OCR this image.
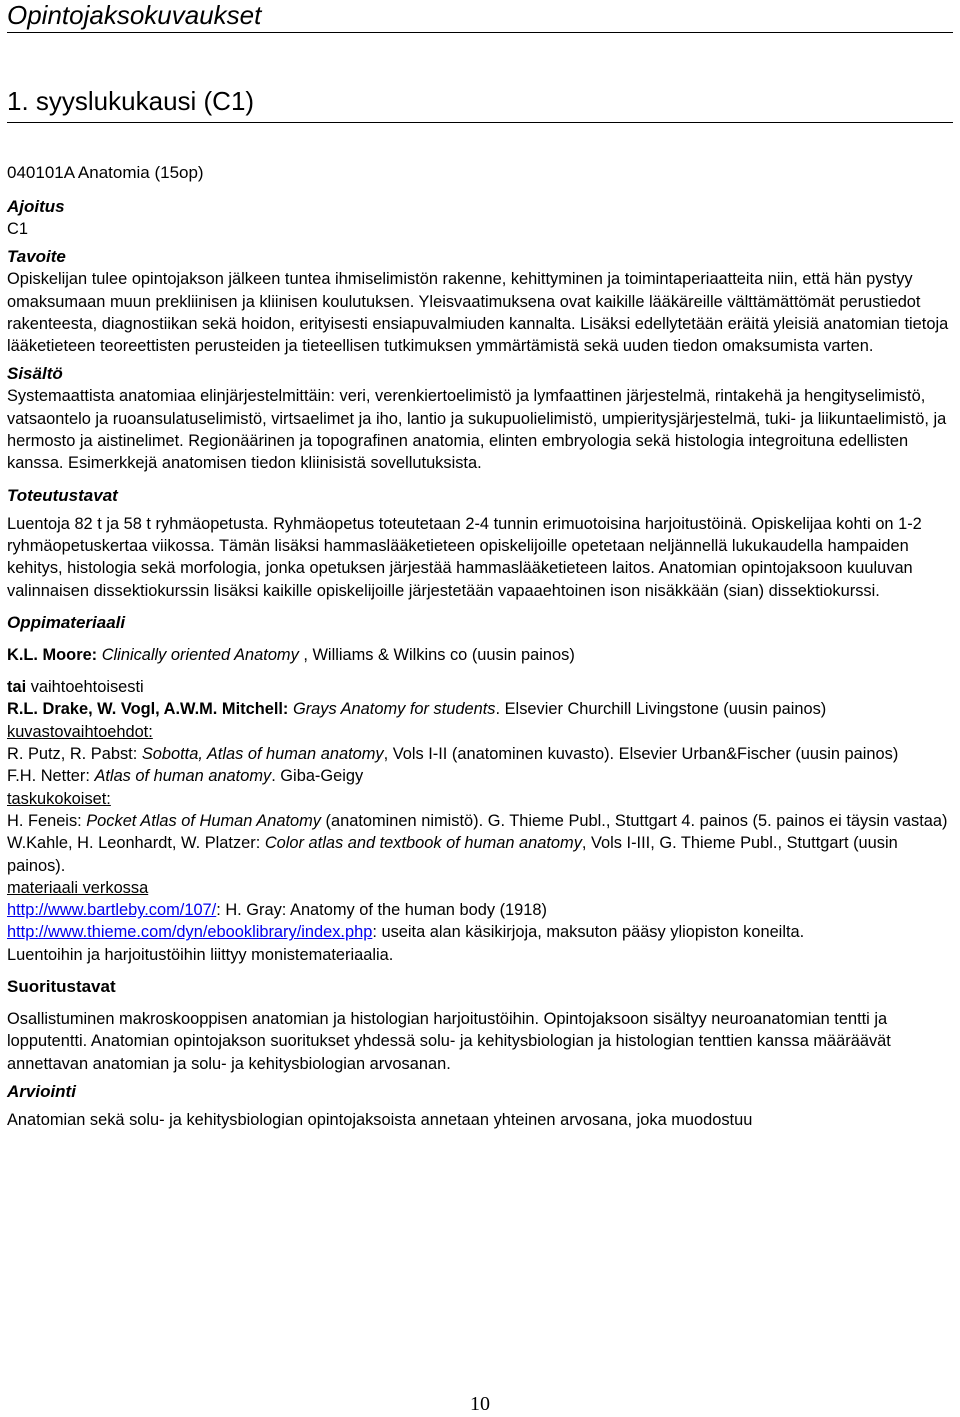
Opintojaksokuvaukset
1. syyslukukausi (C1)
040101A Anatomia (15op)
Ajoitus
C1
Tavoite
Opiskelijan tulee opintojakson jälkeen tuntea ihmiselimistön rakenne, kehittyminen ja toimintaperiaatteita niin, että hän pystyy omaksumaan muun prekliinisen ja kliinisen koulutuksen. Yleisvaatimuksena ovat kaikille lääkäreille välttämättömät perustiedot rakenteesta, diagnostiikan sekä hoidon, erityisesti ensiapuvalmiuden kannalta. Lisäksi edellytetään eräitä yleisiä anatomian tietoja lääketieteen teoreettisten perusteiden ja tieteellisen tutkimuksen ymmärtämistä sekä uuden tiedon omaksumista varten.
Sisältö
Systemaattista anatomiaa elinjärjestelmittäin: veri, verenkiertoelimistö ja lymfaattinen järjestelmä, rintakehä ja hengityselimistö, vatsaontelo ja ruoansulatuselimistö, virtsaelimet ja iho, lantio ja sukupuolielimistö, umpieritysjärjestelmä, tuki- ja liikuntaelimistö, ja hermosto ja aistinelimet. Regionäärinen ja topografinen anatomia, elinten embryologia sekä histologia integroituna edellisten kanssa. Esimerkkejä anatomisen tiedon kliinisistä sovellutuksista.
Toteutustavat
Luentoja 82 t ja 58 t ryhmäopetusta. Ryhmäopetus toteutetaan 2-4 tunnin erimuotoisina harjoitustöinä. Opiskelijaa kohti on 1-2 ryhmäopetuskertaa viikossa. Tämän lisäksi hammaslääketieteen opiskelijoille opetetaan neljännellä lukukaudella hampaiden kehitys, histologia sekä morfologia, jonka opetuksen järjestää hammaslääketieteen laitos. Anatomian opintojaksoon kuuluvan valinnaisen dissektiokurssin lisäksi kaikille opiskelijoille järjestetään vapaaehtoinen ison nisäkkään (sian) dissektiokurssi.
Oppimateriaali
K.L. Moore: Clinically oriented Anatomy , Williams & Wilkins co (uusin painos)
tai vaihtoehtoisesti
R.L. Drake, W. Vogl, A.W.M. Mitchell: Grays Anatomy for students. Elsevier Churchill Livingstone (uusin painos)
kuvastovaihtoehdot:
R. Putz, R. Pabst: Sobotta, Atlas of human anatomy, Vols I-II (anatominen kuvasto). Elsevier Urban&Fischer (uusin painos)
F.H. Netter: Atlas of human anatomy. Giba-Geigy
taskukokoiset:
H. Feneis: Pocket Atlas of Human Anatomy (anatominen nimistö). G. Thieme Publ., Stuttgart 4. painos (5. painos ei täysin vastaa)
W.Kahle, H. Leonhardt, W. Platzer: Color atlas and textbook of human anatomy, Vols I-III, G. Thieme Publ., Stuttgart (uusin painos).
materiaali verkossa
http://www.bartleby.com/107/: H. Gray: Anatomy of the human body (1918)
http://www.thieme.com/dyn/ebooklibrary/index.php: useita alan käsikirjoja, maksuton pääsy yliopiston koneilta.
Luentoihin ja harjoitustöihin liittyy monistemateriaalia.
Suoritustavat
Osallistuminen makroskooppisen anatomian ja histologian harjoitustöihin. Opintojaksoon sisältyy neuroanatomian tentti ja lopputentti. Anatomian opintojakson suoritukset yhdessä solu- ja kehitysbiologian ja histologian tenttien kanssa määräävät annettavan anatomian ja solu- ja kehitysbiologian arvosanan.
Arviointi
Anatomian sekä solu- ja kehitysbiologian opintojaksoista annetaan yhteinen arvosana, joka muodostuu
10
